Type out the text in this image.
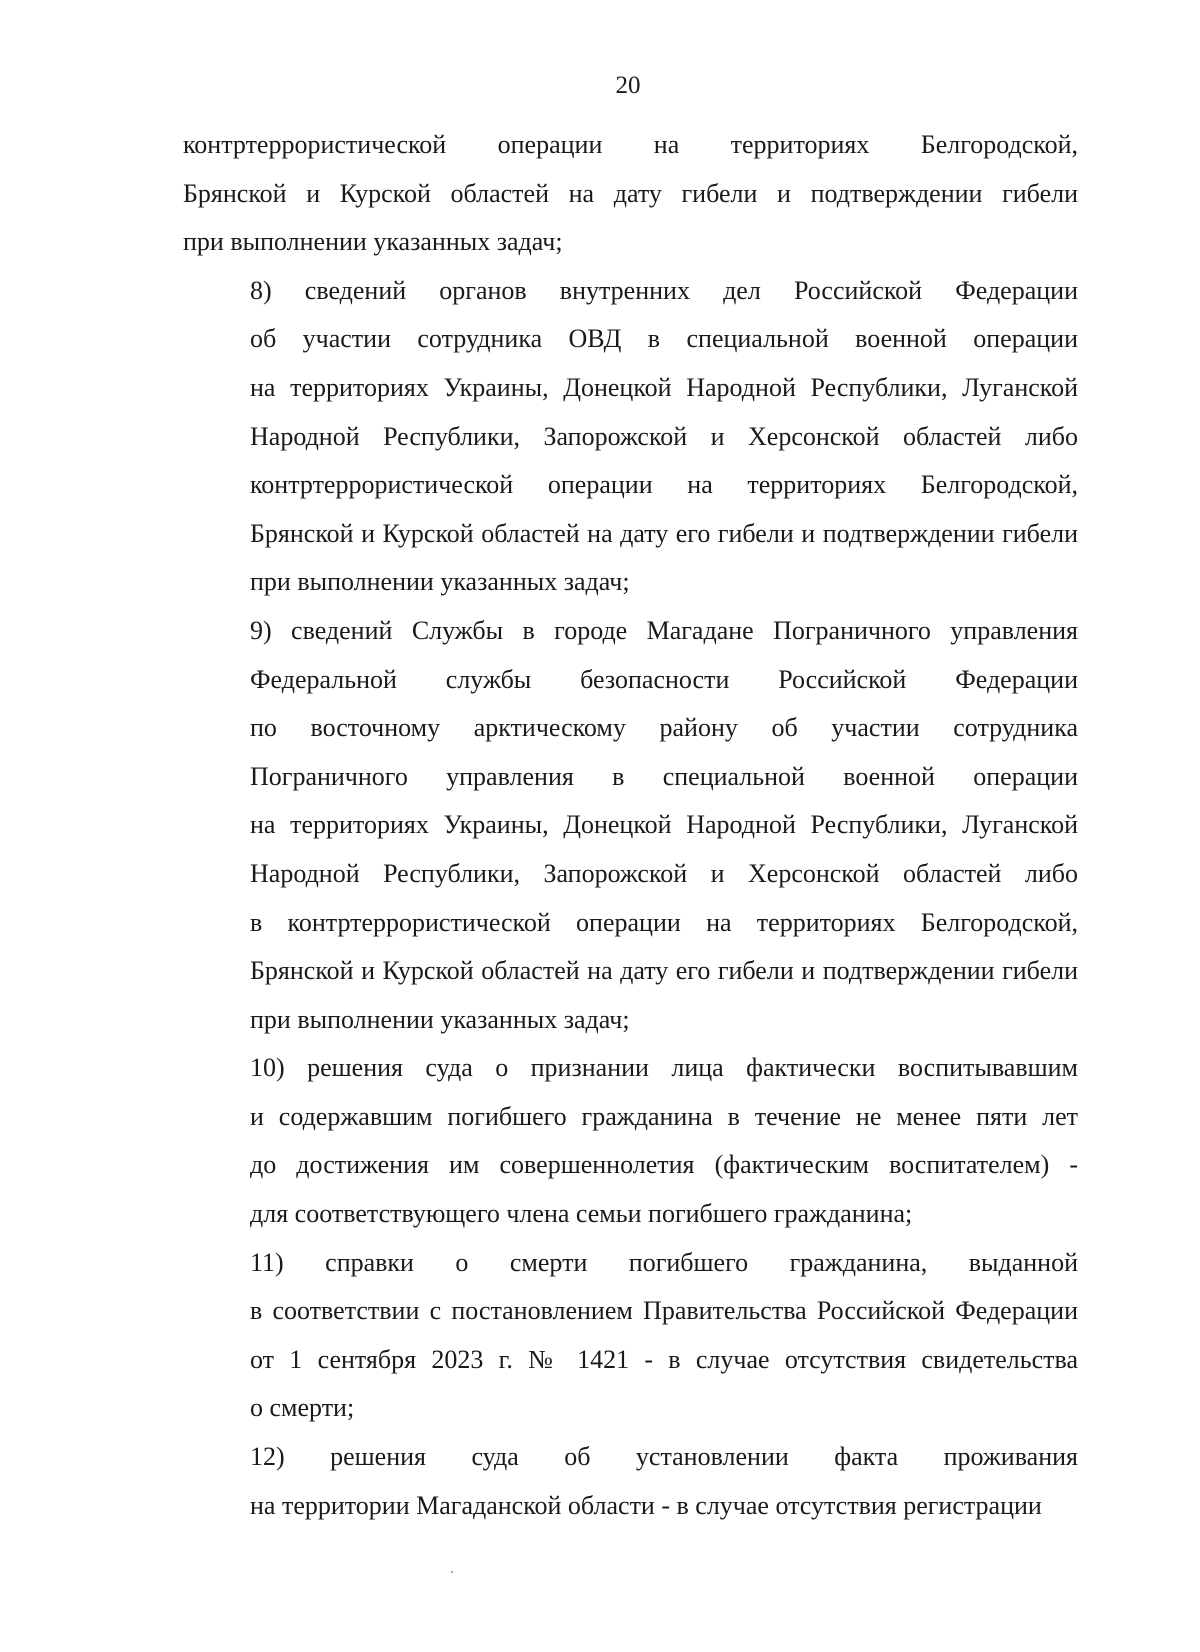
20

контртеррористической операции на территориях Белгородской,
Брянской и Курской областей на дату гибели и подтверждении гибели
при выполнении указанных задач;

8) сведений органов внутренних дел Российской Федерации
об участии сотрудника ОВД в специальной военной операции
на территориях Украины, Донецкой Народной Республики, Луганской
Народной Республики, Запорожской и Херсонской областей либо
контртеррористической операции на территориях Белгородской,
Брянской и Курской областей на дату его гибели и подтверждении гибели
при выполнении указанных задач;

9) сведений Службы в городе Магадане Пограничного управления
Федеральной службы безопасности Российской Федерации
по восточному арктическому району об участии сотрудника
Пограничного управления в специальной военной операции
на территориях Украины, Донецкой Народной Республики, Луганской
Народной Республики, Запорожской и Херсонской областей либо
в контртеррористической операции на территориях Белгородской,
Брянской и Курской областей на дату его гибели и подтверждении гибели
при выполнении указанных задач;

10) решения суда о признании лица фактически воспитывавшим
и содержавшим погибшего гражданина в течение не менее пяти лет
до достижения им совершеннолетия (фактическим воспитателем) -
для соответствующего члена семьи погибшего гражданина;

11) справки о смерти погибшего гражданина, выданной
в соответствии с постановлением Правительства Российской Федерации
от 1 сентября 2023 г. № 1421 - в случае отсутствия свидетельства
о смерти;

12) решения суда об установлении факта проживания
на территории Магаданской области - в случае отсутствия регистрации
